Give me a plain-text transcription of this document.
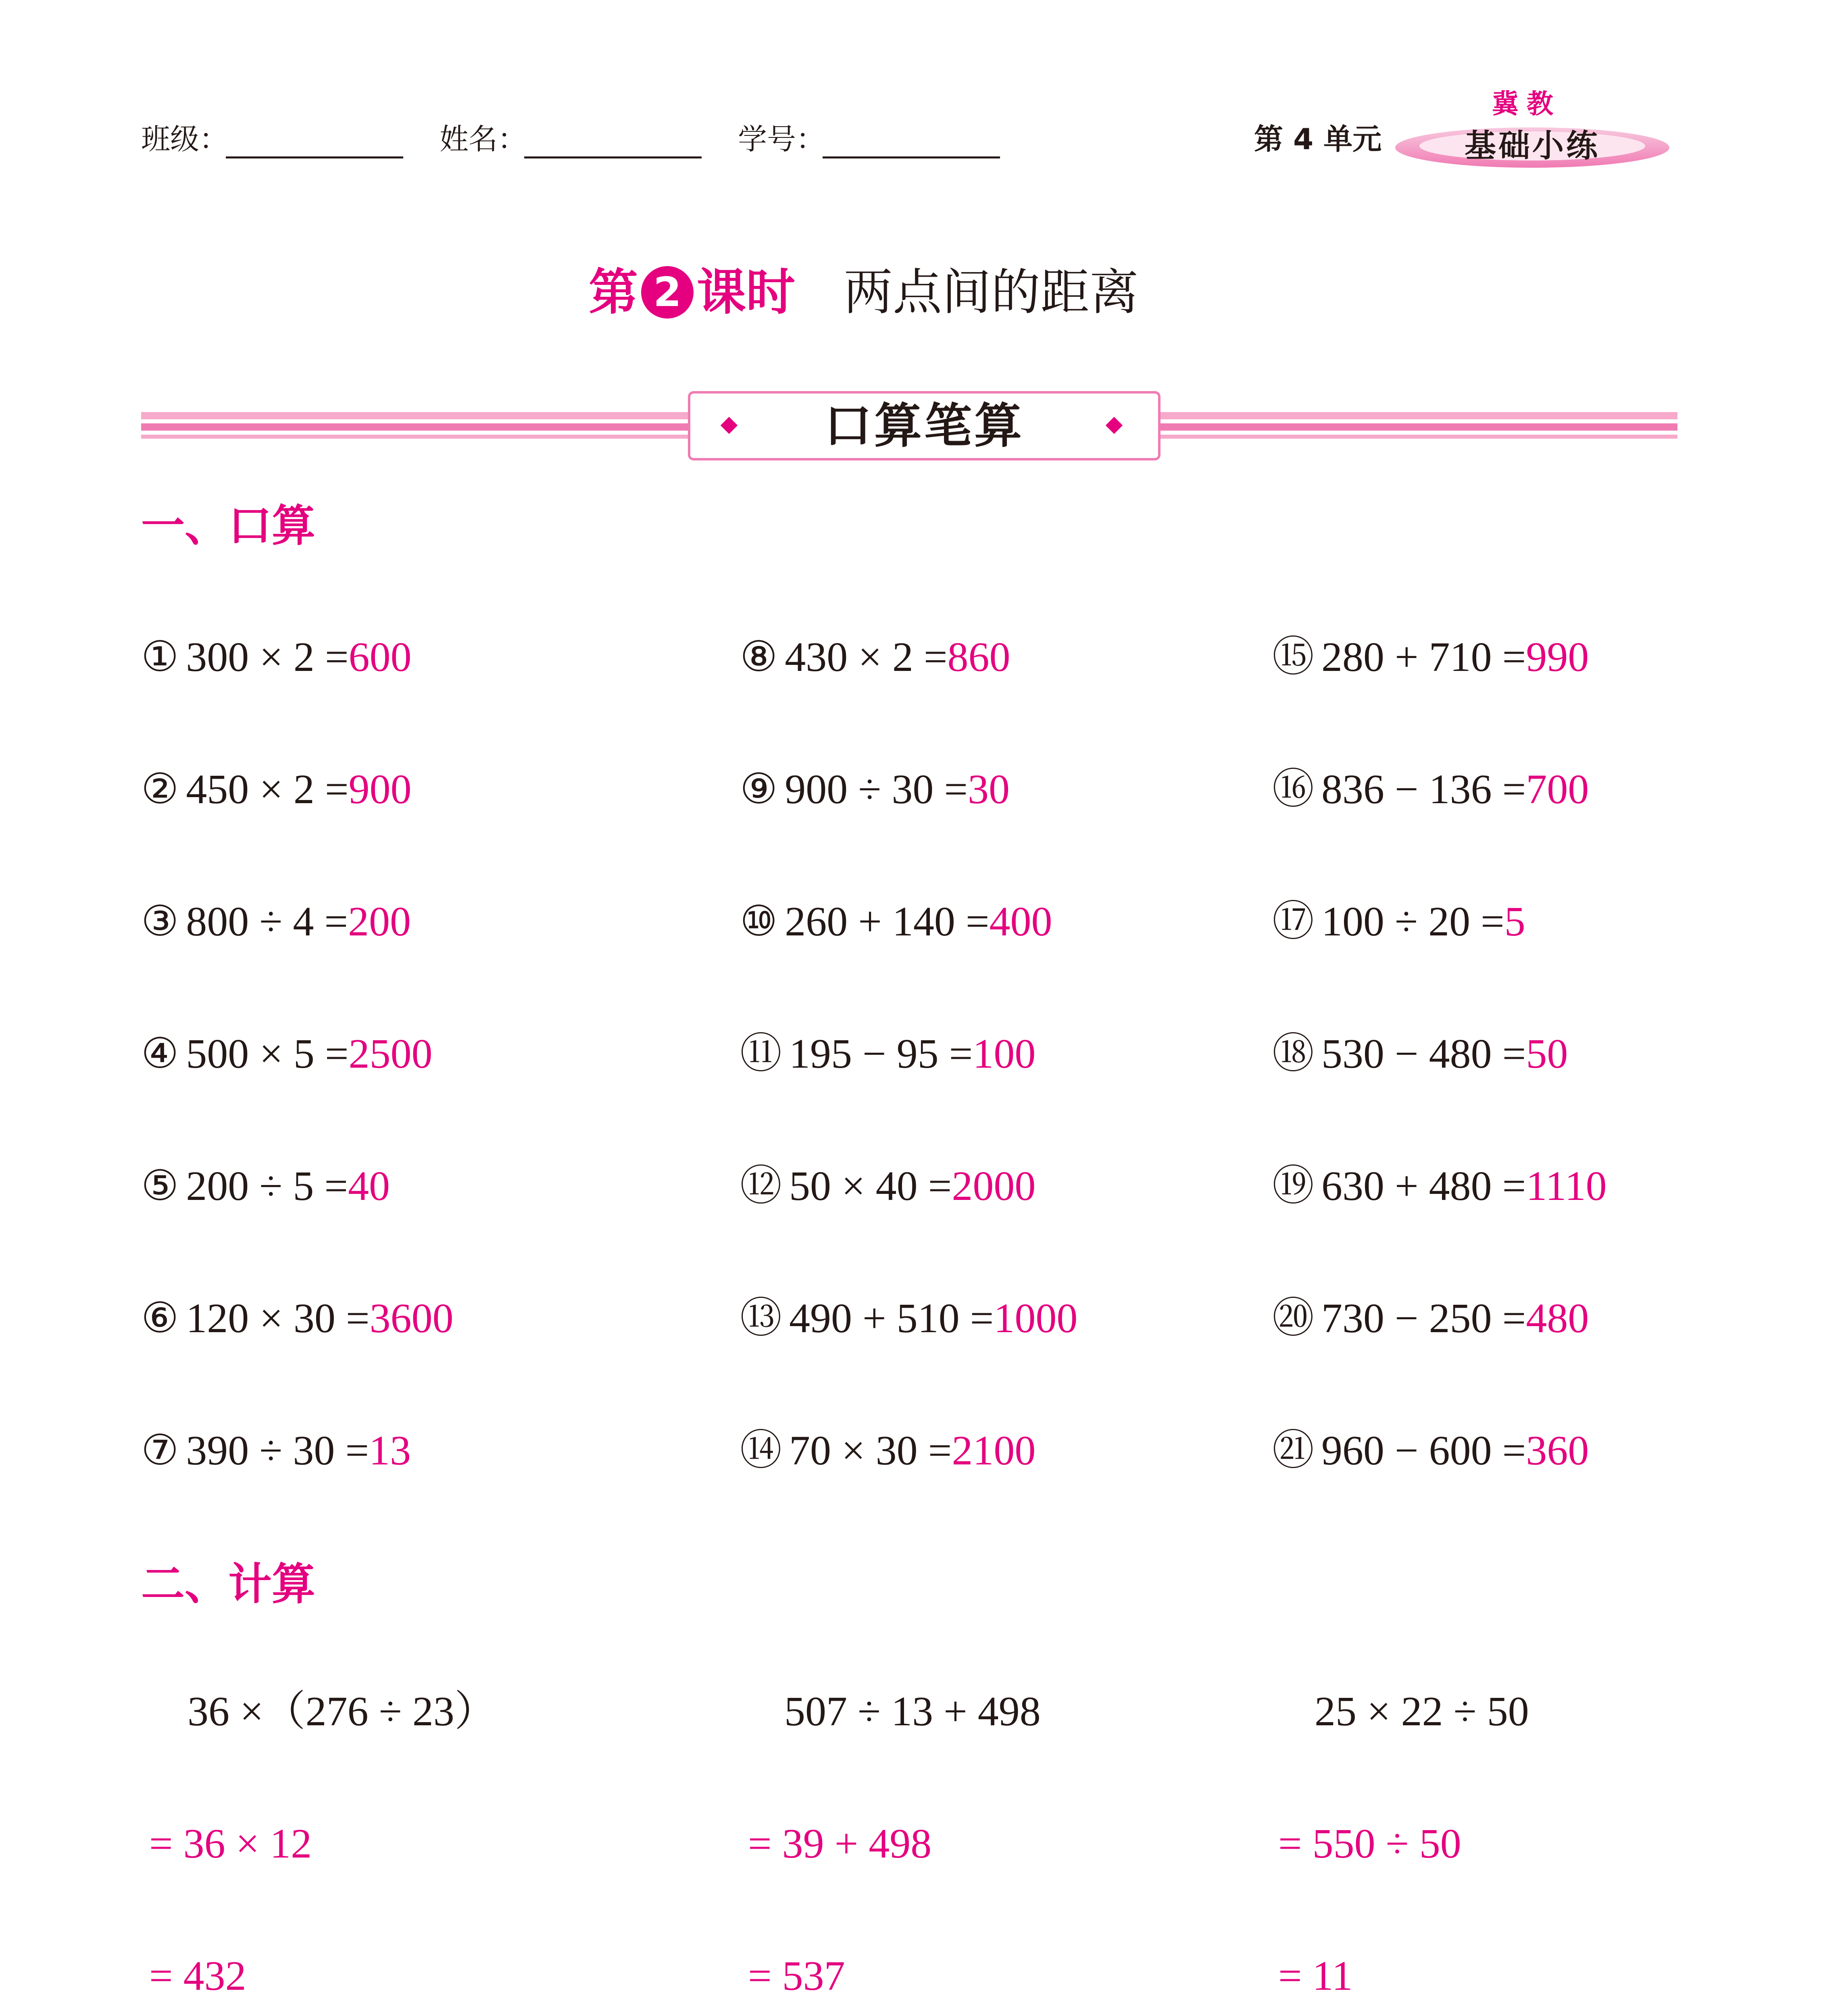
班级：	姓名：	学号：	第 4 单元
冀教
基础小练
第 2 课时 两点间的距离
口算笔算
一、口算
① 300 × 2 =600
② 450 × 2 =900
③ 800 ÷ 4 =200
④ 500 × 5 =2500
⑤ 200 ÷ 5 =40
⑥ 120 × 30 =3600
⑦ 390 ÷ 30 =13
⑧ 430 × 2 =860
⑨ 900 ÷ 30 =30
⑩ 260 + 140 =400
⑪ 195 − 95 =100
⑫ 50 × 40 =2000
⑬ 490 + 510 =1000
⑭ 70 × 30 =2100
⑮ 280 + 710 =990
⑯ 836 − 136 =700
⑰ 100 ÷ 20 =5
⑱ 530 − 480 =50
⑲ 630 + 480 =1110
⑳ 730 − 250 =480
㉑ 960 − 600 =360
二、计算
36 ×（276 ÷ 23）
= 36 × 12
= 432
507 ÷ 13 + 498
= 39 + 498
= 537
25 × 22 ÷ 50
= 550 ÷ 50
= 11
